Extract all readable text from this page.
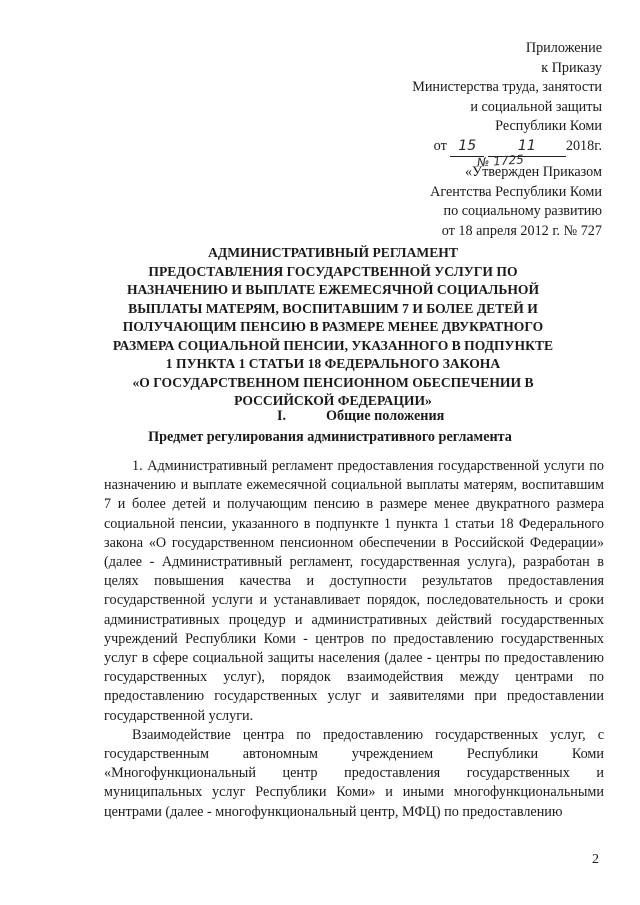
Приложение
к Приказу
Министерства труда, занятости
и социальной защиты
Республики Коми
от 15	11 2018г.
№ 1725
«Утвержден Приказом
Агентства Республики Коми
по социальному развитию
от 18 апреля 2012 г. № 727
АДМИНИСТРАТИВНЫЙ РЕГЛАМЕНТ
ПРЕДОСТАВЛЕНИЯ ГОСУДАРСТВЕННОЙ УСЛУГИ ПО
НАЗНАЧЕНИЮ И ВЫПЛАТЕ ЕЖЕМЕСЯЧНОЙ СОЦИАЛЬНОЙ
ВЫПЛАТЫ МАТЕРЯМ, ВОСПИТАВШИМ 7 И БОЛЕЕ ДЕТЕЙ И
ПОЛУЧАЮЩИМ ПЕНСИЮ В РАЗМЕРЕ МЕНЕЕ ДВУКРАТНОГО
РАЗМЕРА СОЦИАЛЬНОЙ ПЕНСИИ, УКАЗАННОГО В ПОДПУНКТЕ
1 ПУНКТА 1 СТАТЬИ 18 ФЕДЕРАЛЬНОГО ЗАКОНА
«О ГОСУДАРСТВЕННОМ ПЕНСИОННОМ ОБЕСПЕЧЕНИИ В
РОССИЙСКОЙ ФЕДЕРАЦИИ»
I.	Общие положения
Предмет регулирования административного регламента

1. Административный регламент предоставления государственной услуги по назначению и выплате ежемесячной социальной выплаты матерям, воспитавшим 7 и более детей и получающим пенсию в размере менее двукратного размера социальной пенсии, указанного в подпункте 1 пункта 1 статьи 18 Федерального закона «О государственном пенсионном обеспечении в Российской Федерации» (далее - Административный регламент, государственная услуга), разработан в целях повышения качества и доступности результатов предоставления государственной услуги и устанавливает порядок, последовательность и сроки административных процедур и административных действий государственных учреждений Республики Коми - центров по предоставлению государственных услуг в сфере социальной защиты населения (далее - центры по предоставлению государственных услуг), порядок взаимодействия между центрами по предоставлению государственных услуг и заявителями при предоставлении государственной услуги.

Взаимодействие центра по предоставлению государственных услуг, с государственным автономным учреждением Республики Коми «Многофункциональный центр предоставления государственных и муниципальных услуг Республики Коми» и иными многофункциональными центрами (далее - многофункциональный центр, МФЦ) по предоставлению

2
